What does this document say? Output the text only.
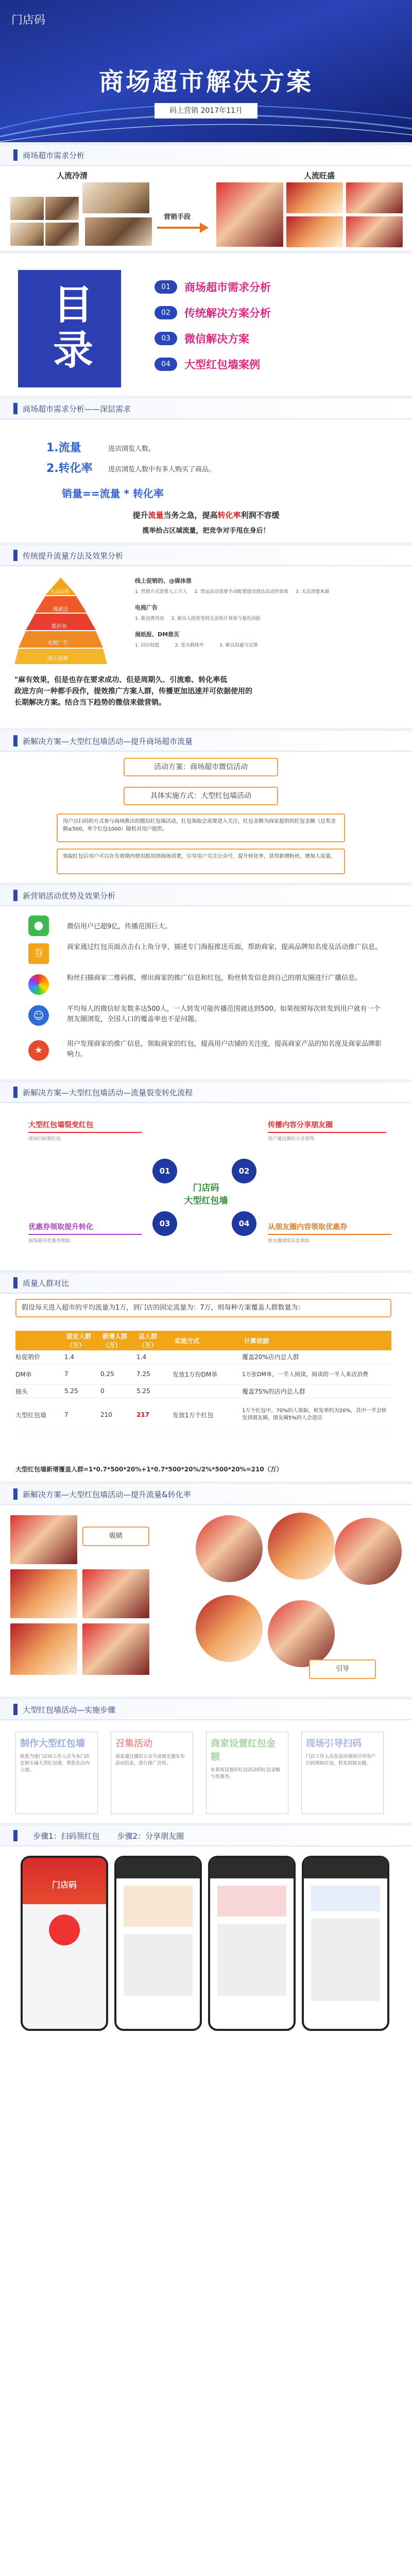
门店码
商场超市解决方案
码上营销 2017年11月
商场超市需求分析
人流冷清	人流旺盛
营销手段
目录	01	商场超市需求分析
02	传统解决方案分析
03	微信解决方案
04	大型红包墙案例
商场超市需求分析——深层需求
1.流量	进店浏览人数。
2.转化率 进店浏览人数中有多人购买了商品。
销量==流量 * 转化率
提升流量当务之急，提高转化率利润不容缓
揽举拾占区域流量，把竞争对手甩在身后！
传统提升流量方法及效果分析
礼品促销
满就送
抵价券
电视广告
线上促销
线上促销的、@媒体推
1. 营销方式需要人工介入 2. 营运活动需要手动配置建设到达活动的效果 3. 无法清楚来源
电视广告
1. 推送费用高 2. 被众人投放受到无法统计效果与量化回报
展纸报、DM推页
1. 回应较低	2. 受众群体窄	3. 难以沟通与反馈
"麻有效果，但是也存在要求成功、但是周期久、引流难、转化率低
政进方向一种都手段作，提效推广方案人群，传播更加迅速并可依据使用的
长期解决方案。结合当下趋势的微信来做营销。
新解决方案—大型红包墙活动—提升商场超市流量
活动方案：商场超市微信活动
具体实施方式：大型红包墙活动
用户以扫码的方式参与商场推出的微信红包墙活动，红包领取会需要进入关注，红包金额为商家提供的红包金额（总奖金额≥500，单个红包1000）随机对用户提供。
领取红包后用户可以在有效期内使用抵用到商场消费，引导用户关注公众号，提升转化率，获得新增粉丝，增加人流量。
新营销活动优势及效果分析
●	微信用户已超9亿，传播范围巨大。
券
商家通过红包页面点击右上角分享，描述专门海报推送页面，帮助商家，提高品牌知名度及活动推广信息。
粉丝扫描商家二维码推，弹出商家的推广信息和红包，粉丝转发信息到自己的朋友圈进行广播信息。
☺
平均每人的微信好友数多达500人，一人转发可能传播范围就达到500。如果按照每次转发到用户就有一个朋友圈浏览，全国人口的覆盖率也不是问题。
★
用户发现商家的推广信息，领取商家的红包，提高用户店铺的关注度，提高商家产品的知名度及商家品牌影响力。
新解决方案—大型红包墙活动—流量裂变转化流程
大型红包墙裂变红包
现场扫码领红包
传播内容分享朋友圈
用户通过微信分享获得
优惠券领取提升转化
商场超市优惠券领取
从朋友圈内容领取优惠券
朋友圈浏览信息领取
01	02
03	04
门店码
大型红包墙
质量人群对比
假设每天进入超市的平均流量为1万，到门店的固定流量为：7万，则每种方案覆盖人群数量为：
	固定人群（万）	新增人群（万）	总人群（万）	实施方式	计算依据
贴促销价	1.4		1.4		覆盖20%店内总人群
DM单	7	0.25	7.25	发放1万份DM单	1万张DM单，一半人阅读，阅读的一半人来店消费
抽头	5.25	0	5.25		覆盖75%的店内总人群
大型红包墙	7	210	217	发放1万个红包	1万个红包中，70%的人领取，转发率约为20%，其中一半会转发到朋友圈，朋友圈5%的人会进店
大型红包墙新增覆盖人群=1*0.7*500*20%+1*0.7*500*20%/2%*500*20%=210（万）
新解决方案—大型红包墙活动—提升流量&转化率
吸睛
引导
大型红包墙活动—实施步骤
制作大型红包墙
联系当地门店码工作人员为本门店定制专属大型红包墙，帮您在店内立墙。
召集活动
商家通过微信公众号或朋友圈发布活动信息，进行推广宣传。
商家设置红包金额
在系统设置好红包活动的红包金额与优惠券。
现场引导扫码
门店工作人员在活动现场引导用户扫码领取红包，转发到朋友圈。
步骤1：扫码领红包 步骤2：分享朋友圈
门店码
